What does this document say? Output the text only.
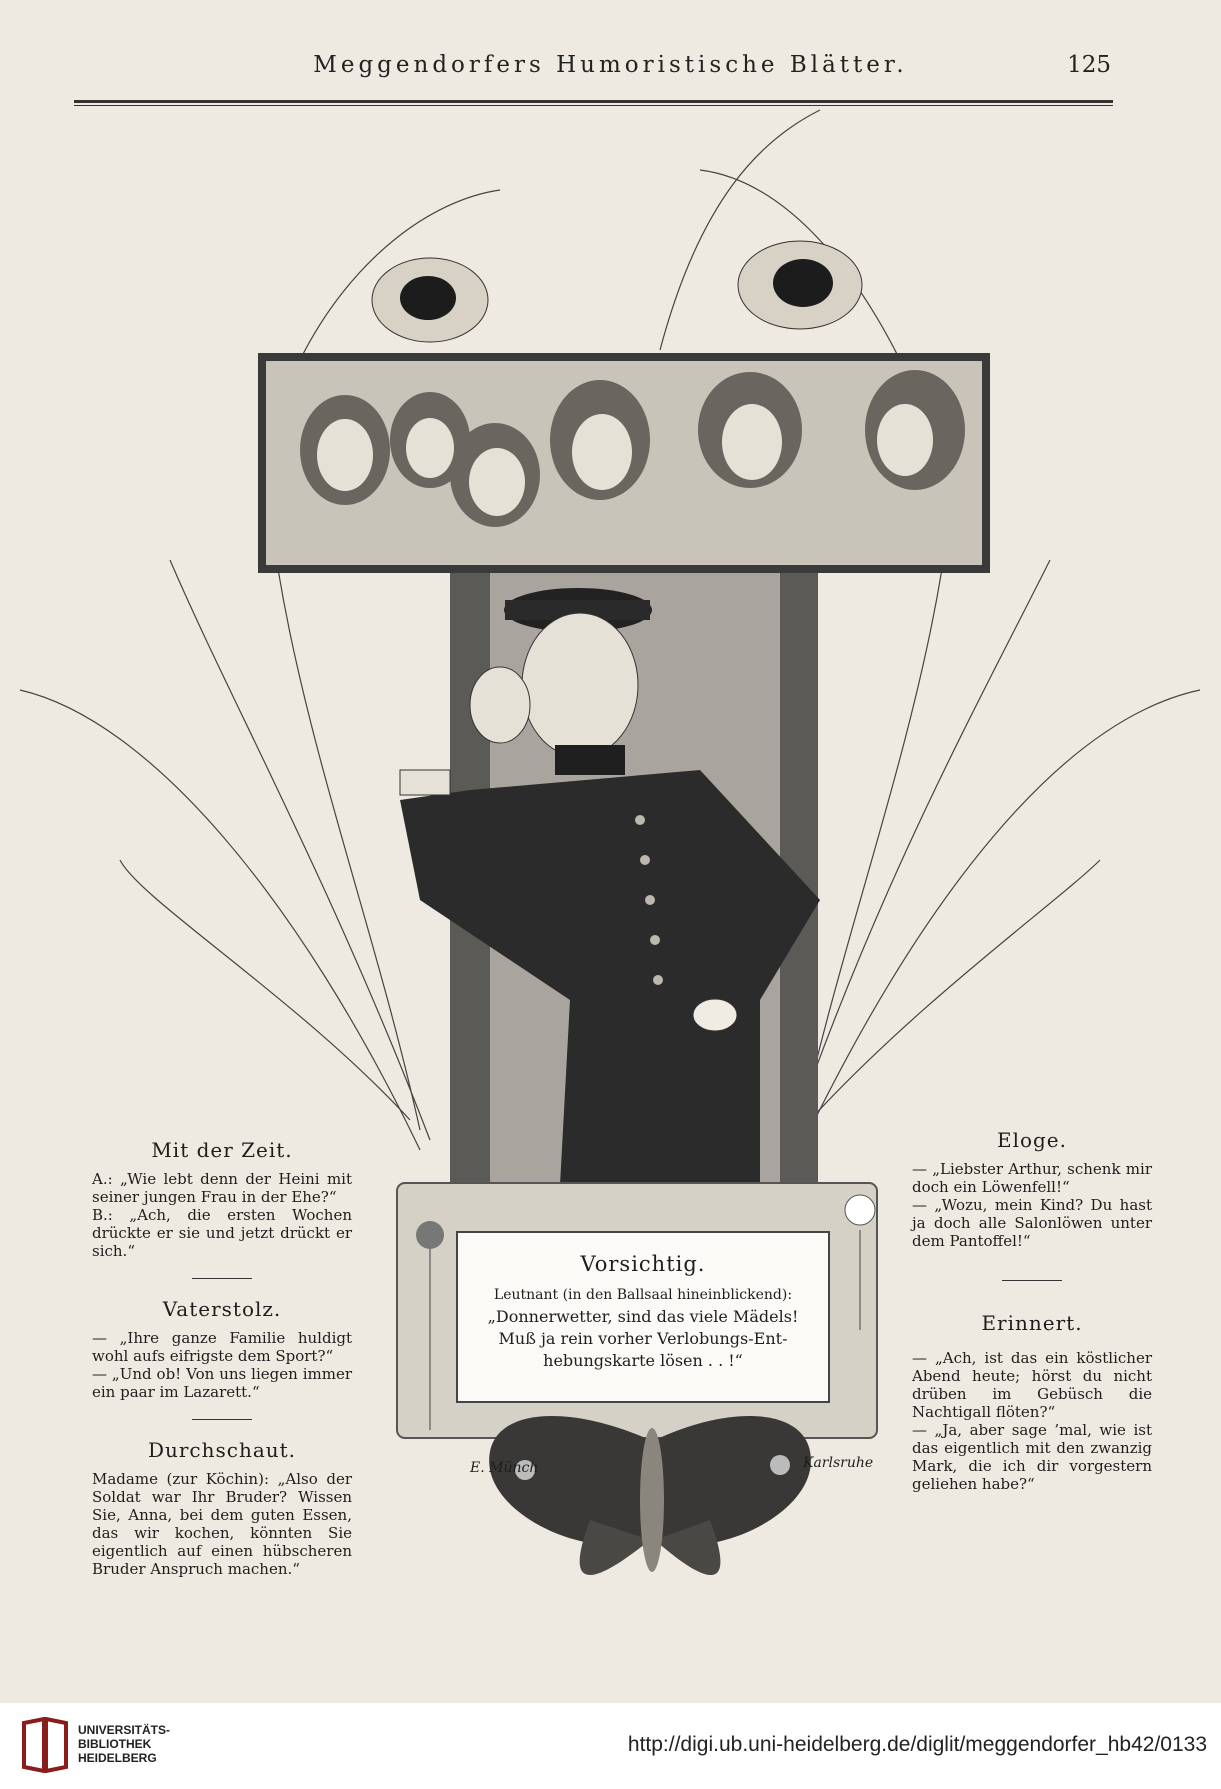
Meggendorfers Humoristische Blätter.	125
Mit der Zeit.

A.: „Wie lebt denn der Heini mit seiner jungen Frau in der Ehe?“

B.: „Ach, die ersten Wochen drückte er sie und jetzt drückt er sich.“

Vaterstolz.

— „Ihre ganze Familie huldigt wohl aufs eifrigste dem Sport?“

— „Und ob! Von uns liegen immer ein paar im Lazarett.“

Durchschaut.

Madame (zur Köchin): „Also der Soldat war Ihr Bruder? Wissen Sie, Anna, bei dem guten Essen, das wir kochen, könnten Sie eigentlich auf einen hübscheren Bruder Anspruch machen.“

Eloge.

— „Liebster Arthur, schenk mir doch ein Löwenfell!“

— „Wozu, mein Kind? Du hast ja doch alle Salonlöwen unter dem Pantoffel!“

Erinnert.

— „Ach, ist das ein köstlicher Abend heute; hörst du nicht drüben im Gebüsch die Nachtigall flöten?“

— „Ja, aber sage ’mal, wie ist das eigentlich mit den zwanzig Mark, die ich dir vorgestern geliehen habe?“

Vorsichtig.
Leutnant (in den Ballsaal hineinblickend):
„Donnerwetter, sind das viele Mädels!
Muß ja rein vorher Verlobungs-Ent-
hebungskarte lösen . . !“
E. Münch	Karlsruhe
UNIVERSITÄTS-
BIBLIOTHEK
HEIDELBERG
http://digi.ub.uni-heidelberg.de/diglit/meggendorfer_hb42/0133
